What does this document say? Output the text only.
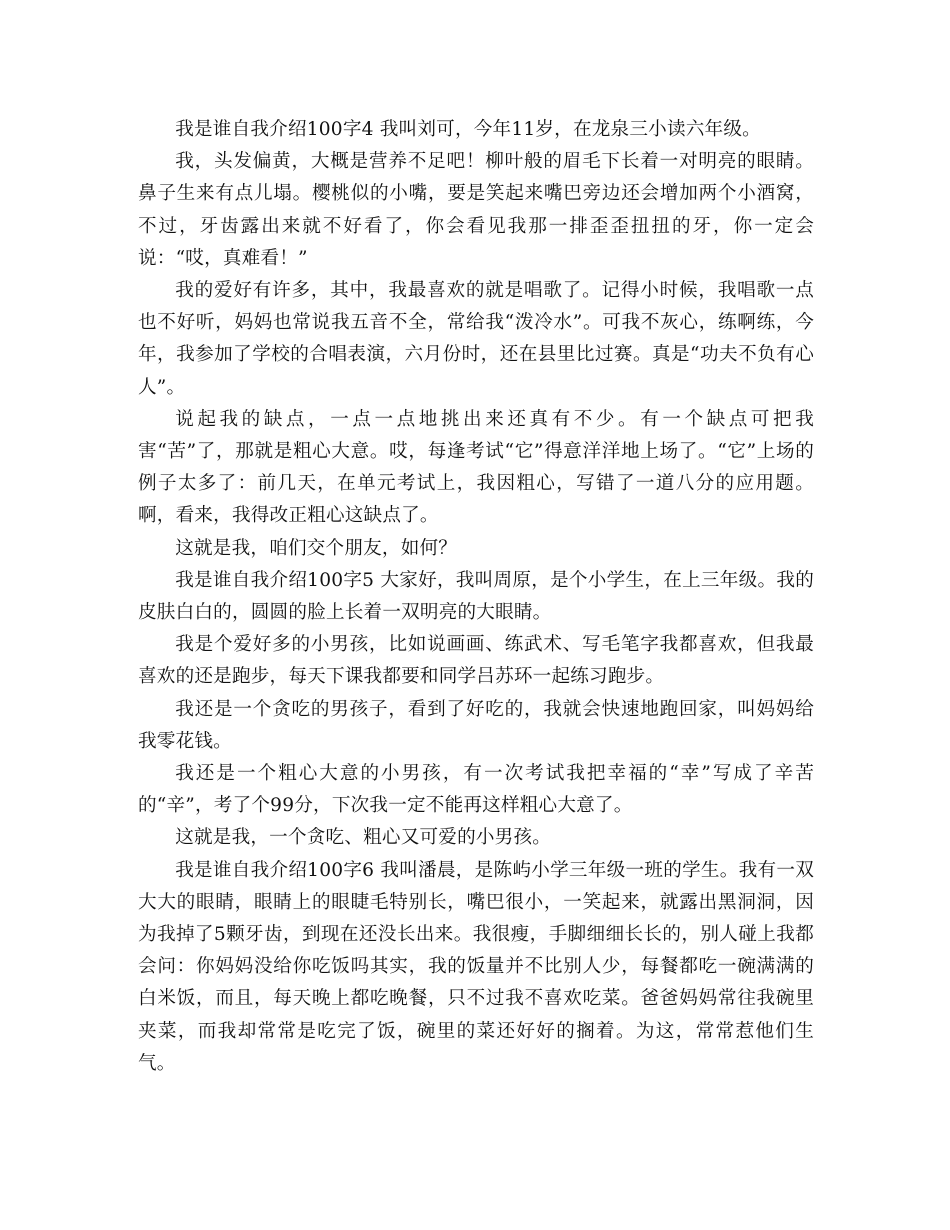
我是谁自我介绍100字4 我叫刘可，今年11岁，在龙泉三小读六年级。

我，头发偏黄，大概是营养不足吧！柳叶般的眉毛下长着一对明亮的眼睛。鼻子生来有点儿塌。樱桃似的小嘴，要是笑起来嘴巴旁边还会增加两个小酒窝，不过，牙齿露出来就不好看了，你会看见我那一排歪歪扭扭的牙，你一定会说：“哎，真难看！”

我的爱好有许多，其中，我最喜欢的就是唱歌了。记得小时候，我唱歌一点也不好听，妈妈也常说我五音不全，常给我“泼冷水”。可我不灰心，练啊练，今年，我参加了学校的合唱表演，六月份时，还在县里比过赛。真是“功夫不负有心人”。

说起我的缺点，一点一点地挑出来还真有不少。有一个缺点可把我害“苦”了，那就是粗心大意。哎，每逢考试“它”得意洋洋地上场了。“它”上场的例子太多了：前几天，在单元考试上，我因粗心，写错了一道八分的应用题。啊，看来，我得改正粗心这缺点了。

这就是我，咱们交个朋友，如何？

我是谁自我介绍100字5 大家好，我叫周原，是个小学生，在上三年级。我的皮肤白白的，圆圆的脸上长着一双明亮的大眼睛。

我是个爱好多的小男孩，比如说画画、练武术、写毛笔字我都喜欢，但我最喜欢的还是跑步，每天下课我都要和同学吕苏环一起练习跑步。

我还是一个贪吃的男孩子，看到了好吃的，我就会快速地跑回家，叫妈妈给我零花钱。

我还是一个粗心大意的小男孩，有一次考试我把幸福的“幸”写成了辛苦的“辛”，考了个99分，下次我一定不能再这样粗心大意了。

这就是我，一个贪吃、粗心又可爱的小男孩。

我是谁自我介绍100字6 我叫潘晨，是陈屿小学三年级一班的学生。我有一双大大的眼睛，眼睛上的眼睫毛特别长，嘴巴很小，一笑起来，就露出黑洞洞，因为我掉了5颗牙齿，到现在还没长出来。我很瘦，手脚细细长长的，别人碰上我都会问：你妈妈没给你吃饭吗其实，我的饭量并不比别人少，每餐都吃一碗满满的白米饭，而且，每天晚上都吃晚餐，只不过我不喜欢吃菜。爸爸妈妈常往我碗里夹菜，而我却常常是吃完了饭，碗里的菜还好好的搁着。为这，常常惹他们生气。
